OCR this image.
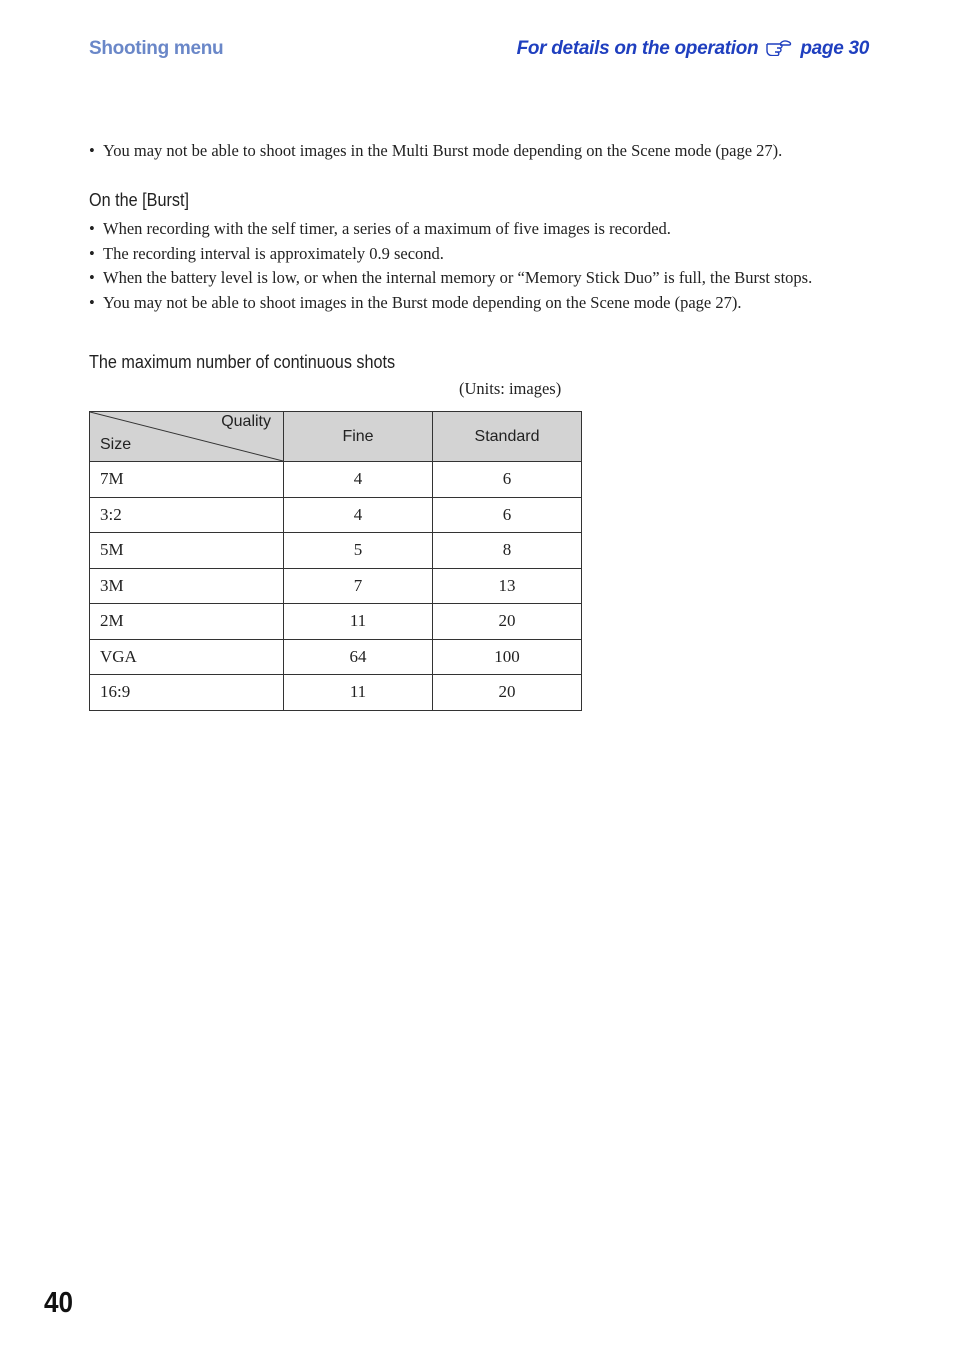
Shooting menu	For details on the operation page 30
• You may not be able to shoot images in the Multi Burst mode depending on the Scene mode (page 27).
On the [Burst]
• When recording with the self timer, a series of a maximum of five images is recorded.
• The recording interval is approximately 0.9 second.
• When the battery level is low, or when the internal memory or “Memory Stick Duo” is full, the Burst stops.
• You may not be able to shoot images in the Burst mode depending on the Scene mode (page 27).
The maximum number of continuous shots
(Units: images)
Quality
Size	Fine	Standard
7M	4	6
3:2	4	6
5M	5	8
3M	7	13
2M	11	20
VGA	64	100
16:9	11	20
40
